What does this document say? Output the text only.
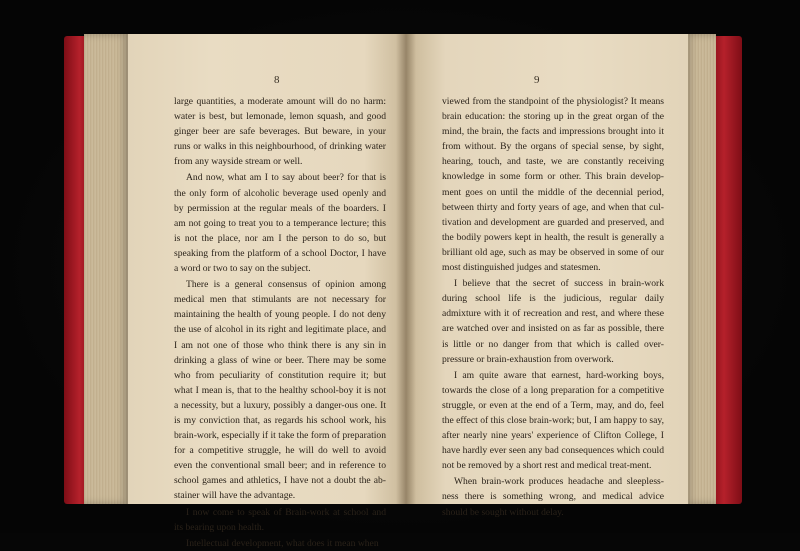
8

large quantities, a moderate amount will do no harm: water is best, but lemonade, lemon squash, and good ginger beer are safe beverages. But beware, in your runs or walks in this neighbourhood, of drinking water from any wayside stream or well.

And now, what am I to say about beer? for that is the only form of alcoholic beverage used openly and by permission at the regular meals of the boarders. I am not going to treat you to a temperance lecture; this is not the place, nor am I the person to do so, but speaking from the platform of a school Doctor, I have a word or two to say on the subject.

There is a general consensus of opinion among medical men that stimulants are not necessary for maintaining the health of young people. I do not deny the use of alcohol in its right and legitimate place, and I am not one of those who think there is any sin in drinking a glass of wine or beer. There may be some who from peculiarity of constitution require it; but what I mean is, that to the healthy school-boy it is not a necessity, but a luxury, possibly a danger-ous one. It is my conviction that, as regards his school work, his brain-work, especially if it take the form of preparation for a competitive struggle, he will do well to avoid even the conventional small beer; and in reference to school games and athletics, I have not a doubt the ab-stainer will have the advantage.

I now come to speak of Brain-work at school and its bearing upon health.

Intellectual development, what does it mean when

9

viewed from the standpoint of the physiologist? It means brain education: the storing up in the great organ of the mind, the brain, the facts and impressions brought into it from without. By the organs of special sense, by sight, hearing, touch, and taste, we are constantly receiving knowledge in some form or other. This brain develop-ment goes on until the middle of the decennial period, between thirty and forty years of age, and when that cul-tivation and development are guarded and preserved, and the bodily powers kept in health, the result is generally a brilliant old age, such as may be observed in some of our most distinguished judges and statesmen.

I believe that the secret of success in brain-work during school life is the judicious, regular daily admixture with it of recreation and rest, and where these are watched over and insisted on as far as possible, there is little or no danger from that which is called over-pressure or brain-exhaustion from overwork.

I am quite aware that earnest, hard-working boys, towards the close of a long preparation for a competitive struggle, or even at the end of a Term, may, and do, feel the effect of this close brain-work; but, I am happy to say, after nearly nine years' experience of Clifton College, I have hardly ever seen any bad consequences which could not be removed by a short rest and medical treat-ment.

When brain-work produces headache and sleepless-ness there is something wrong, and medical advice should be sought without delay.
